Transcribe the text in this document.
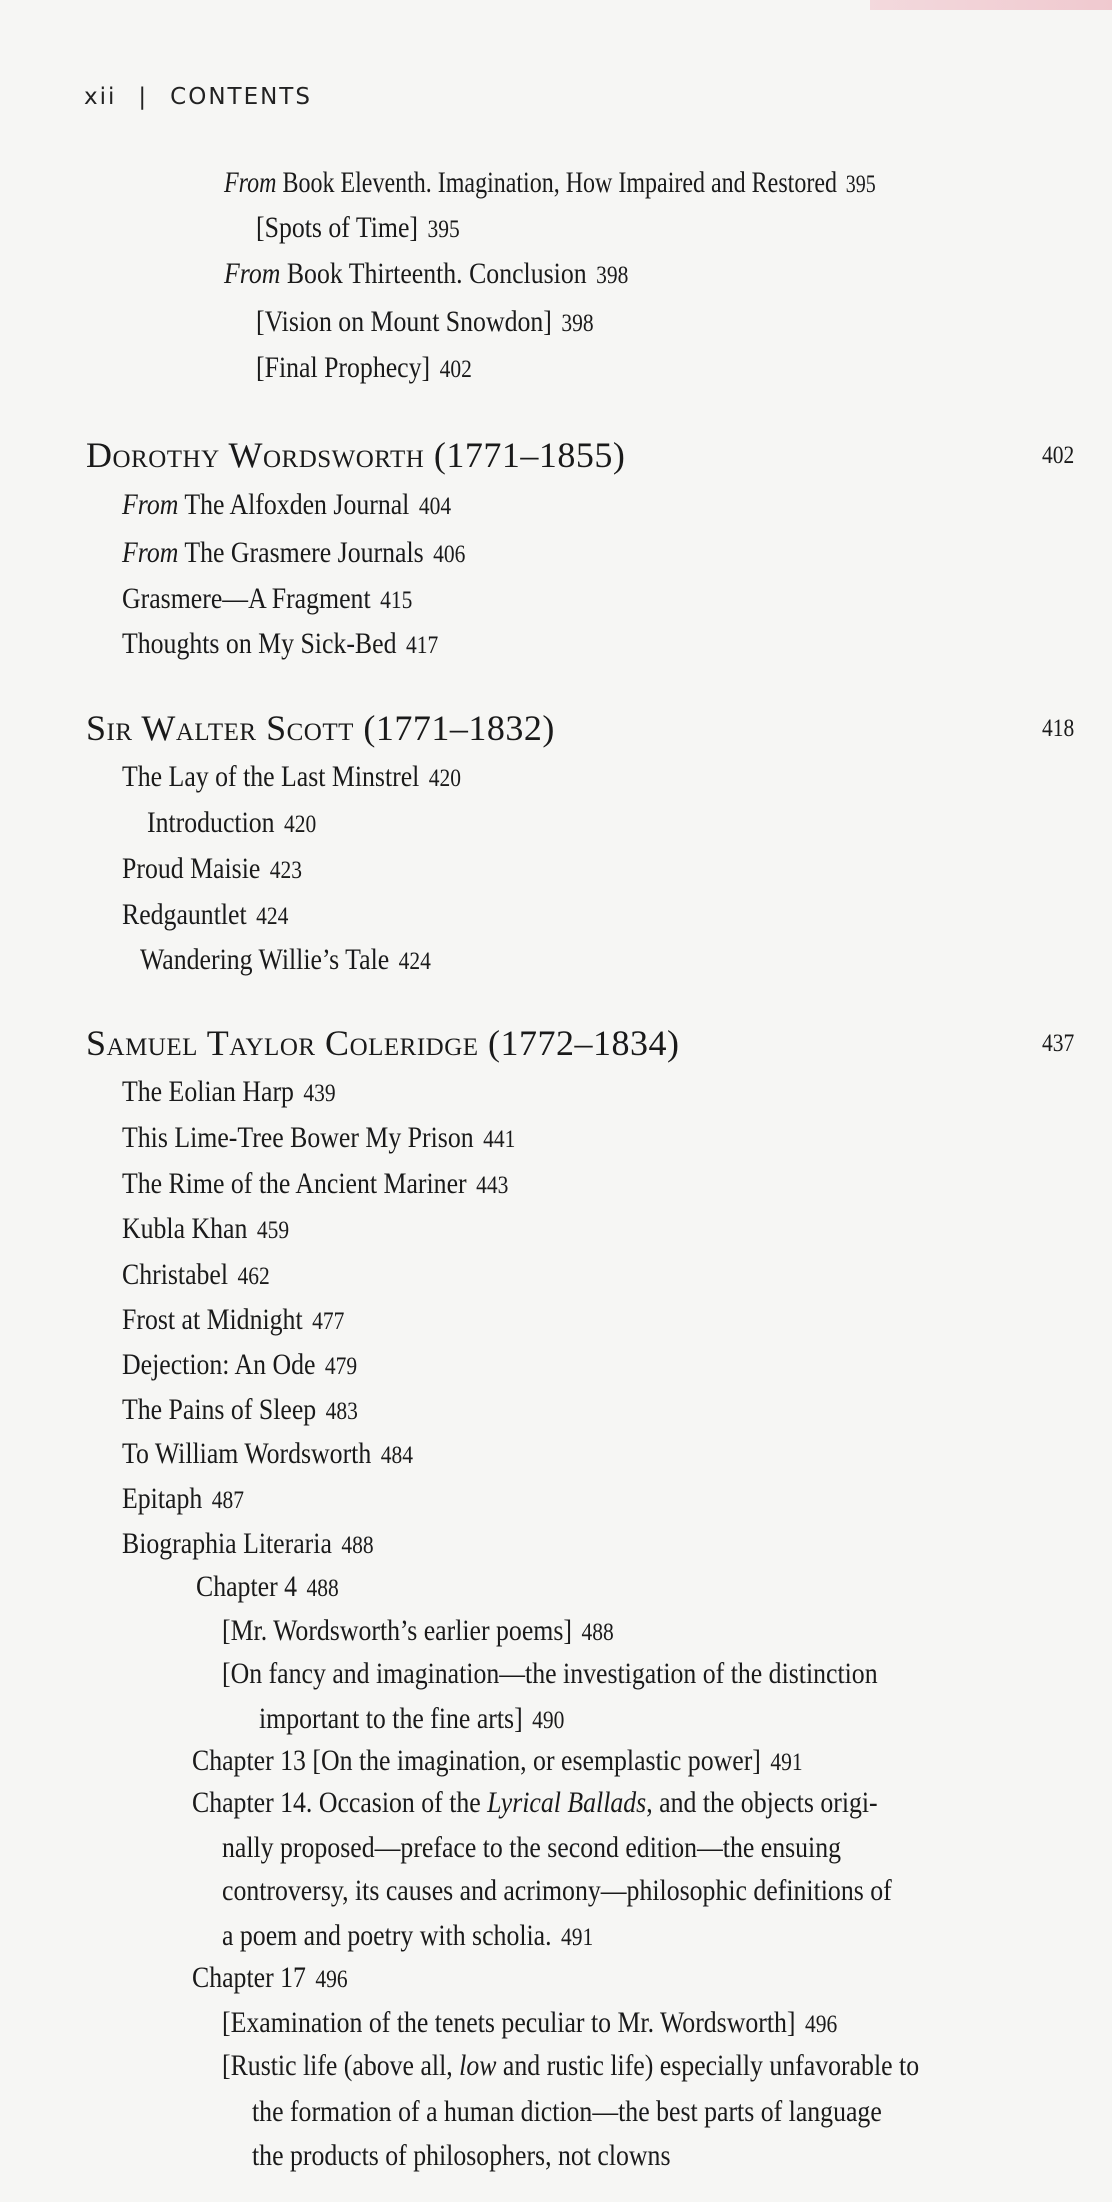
xii | CONTENTS
From Book Eleventh. Imagination, How Impaired and Restored 395
[Spots of Time] 395
From Book Thirteenth. Conclusion 398
[Vision on Mount Snowdon] 398
[Final Prophecy] 402
Dorothy Wordsworth (1771–1855)	402
From The Alfoxden Journal 404
From The Grasmere Journals 406
Grasmere—A Fragment 415
Thoughts on My Sick-Bed 417
Sir Walter Scott (1771–1832)	418
The Lay of the Last Minstrel 420
Introduction 420
Proud Maisie 423
Redgauntlet 424
Wandering Willie’s Tale 424
Samuel Taylor Coleridge (1772–1834)	437
The Eolian Harp 439
This Lime-Tree Bower My Prison 441
The Rime of the Ancient Mariner 443
Kubla Khan 459
Christabel 462
Frost at Midnight 477
Dejection: An Ode 479
The Pains of Sleep 483
To William Wordsworth 484
Epitaph 487
Biographia Literaria 488
Chapter 4 488
[Mr. Wordsworth’s earlier poems] 488
[On fancy and imagination—the investigation of the distinction
important to the fine arts] 490
Chapter 13 [On the imagination, or esemplastic power] 491
Chapter 14. Occasion of the Lyrical Ballads, and the objects origi-
nally proposed—preface to the second edition—the ensuing
controversy, its causes and acrimony—philosophic definitions of
a poem and poetry with scholia. 491
Chapter 17 496
[Examination of the tenets peculiar to Mr. Wordsworth] 496
[Rustic life (above all, low and rustic life) especially unfavorable to
the formation of a human diction—the best parts of language
the products of philosophers, not clowns
